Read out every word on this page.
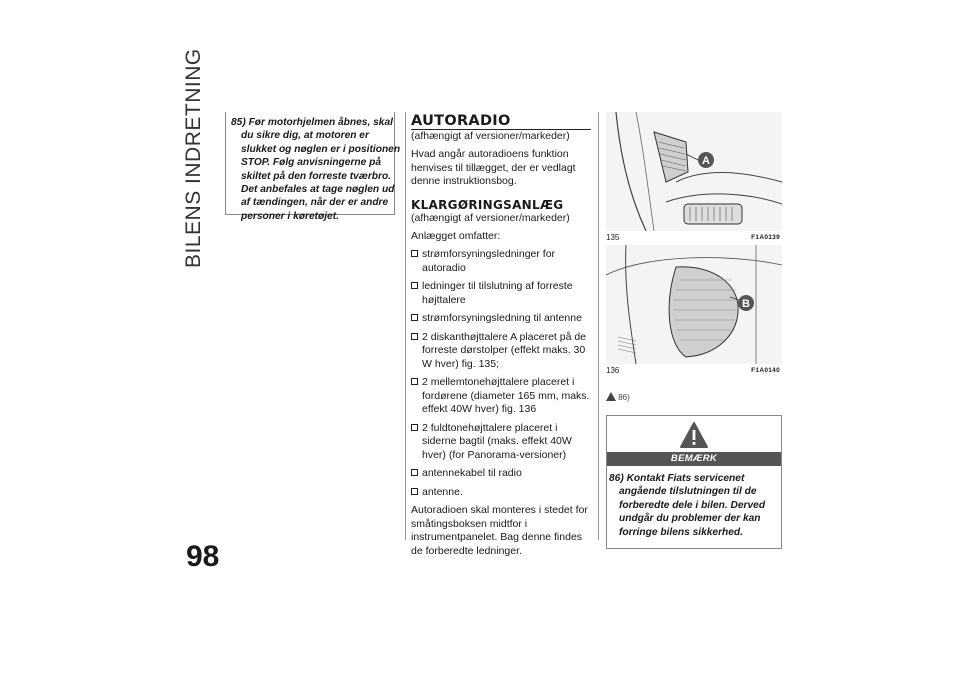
BILENS INDRETNING
98
85) Før motorhjelmen åbnes, skal du sikre dig, at motoren er slukket og nøglen er i positionen STOP. Følg anvisningerne på skiltet på den forreste tværbro. Det anbefales at tage nøglen ud af tændingen, når der er andre personer i køretøjet.
AUTORADIO
(afhængigt af versioner/markeder)
Hvad angår autoradioens funktion henvises til tillægget, der er vedlagt denne instruktionsbog.
KLARGØRINGSANLÆG
(afhængigt af versioner/markeder)
Anlægget omfatter:
strømforsyningsledninger for autoradio
ledninger til tilslutning af forreste højttalere
strømforsyningsledning til antenne
2 diskanthøjttalere A placeret på de forreste dørstolper (effekt maks. 30 W hver) fig. 135;
2 mellemtonehøjttalere placeret i fordørene (diameter 165 mm, maks. effekt 40W hver) fig. 136
2 fuldtonehøjttalere placeret i siderne bagtil (maks. effekt 40W hver) (for Panorama-versioner)
antennekabel til radio
antenne.
Autoradioen skal monteres i stedet for småtingsboksen midtfor i instrumentpanelet. Bag denne findes de forberedte ledninger.
A
135	F1A0139
B
136	F1A0140
86)
BEMÆRK
86) Kontakt Fiats servicenet angående tilslutningen til de forberedte dele i bilen. Derved undgår du problemer der kan forringe bilens sikkerhed.
